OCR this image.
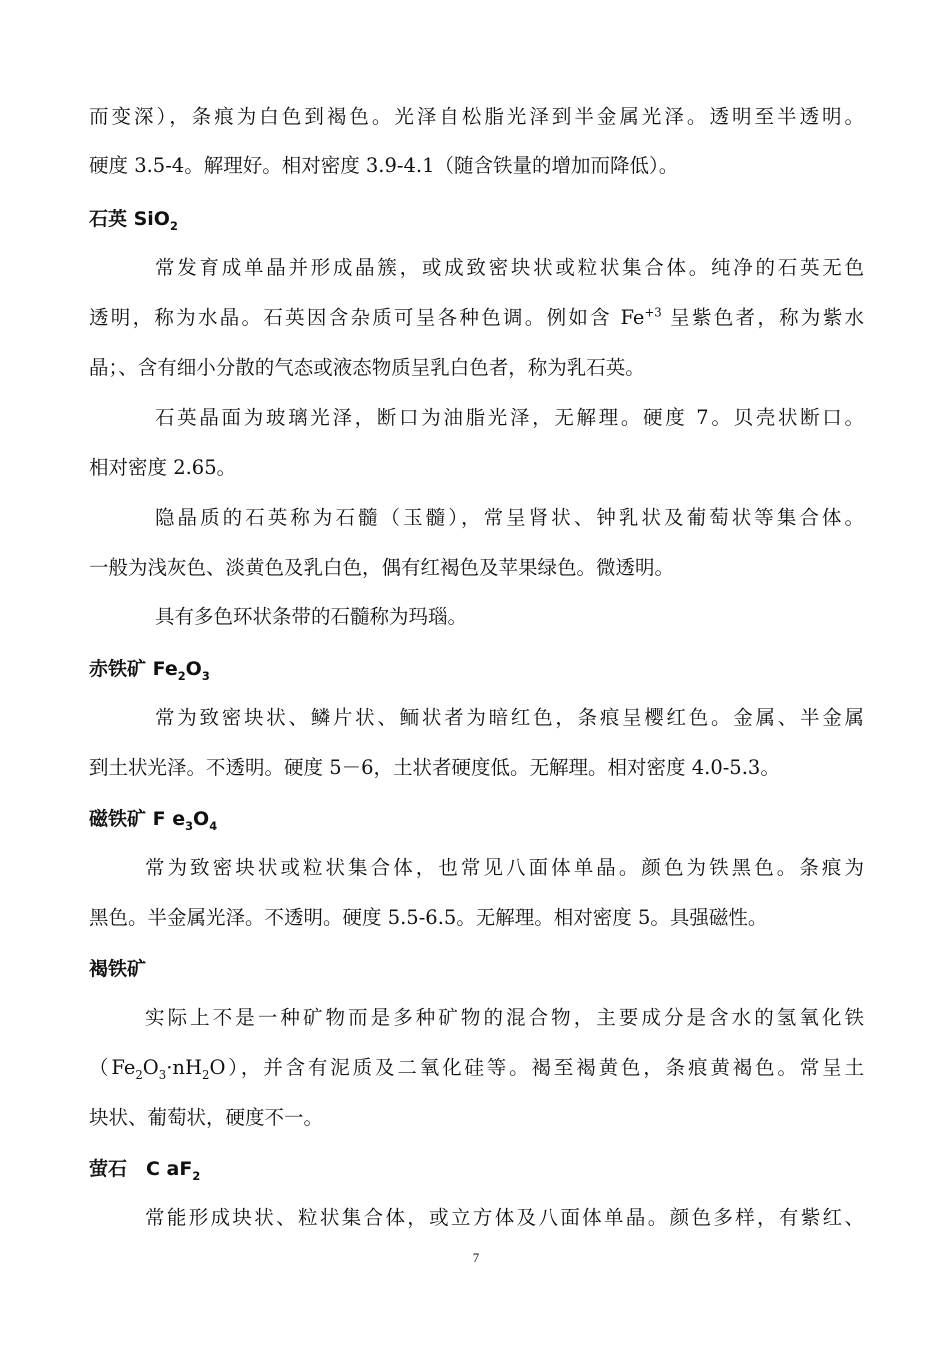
而变深），条痕为白色到褐色。光泽自松脂光泽到半金属光泽。透明至半透明。
硬度 3.5-4。解理好。相对密度 3.9-4.1（随含铁量的增加而降低）。
石英 SiO$_2$
常发育成单晶并形成晶簇，或成致密块状或粒状集合体。纯净的石英无色
透明，称为水晶。石英因含杂质可呈各种色调。例如含 $Fe^{+3}$ 呈紫色者，称为紫水
晶；、含有细小分散的气态或液态物质呈乳白色者，称为乳石英。
石英晶面为玻璃光泽，断口为油脂光泽，无解理。硬度 7。贝壳状断口。
相对密度 2.65。
隐晶质的石英称为石髓（玉髓），常呈肾状、钟乳状及葡萄状等集合体。
一般为浅灰色、淡黄色及乳白色，偶有红褐色及苹果绿色。微透明。
具有多色环状条带的石髓称为玛瑙。
赤铁矿 $Fe_2O_3$
常为致密块状、鳞片状、鲕状者为暗红色，条痕呈樱红色。金属、半金属
到土状光泽。不透明。硬度 5－6，土状者硬度低。无解理。相对密度 4.0-5.3。
磁铁矿 F $e_3O_4$
常为致密块状或粒状集合体，也常见八面体单晶。颜色为铁黑色。条痕为
黑色。半金属光泽。不透明。硬度 5.5-6.5。无解理。相对密度 5。具强磁性。
褐铁矿
实际上不是一种矿物而是多种矿物的混合物，主要成分是含水的氢氧化铁
$(Fe_2O_3\cdot nH_2O)$，并含有泥质及二氧化硅等。褐至褐黄色，条痕黄褐色。常呈土
块状、葡萄状，硬度不一。
萤石　C $aF_2$
常能形成块状、粒状集合体，或立方体及八面体单晶。颜色多样，有紫红、
7
